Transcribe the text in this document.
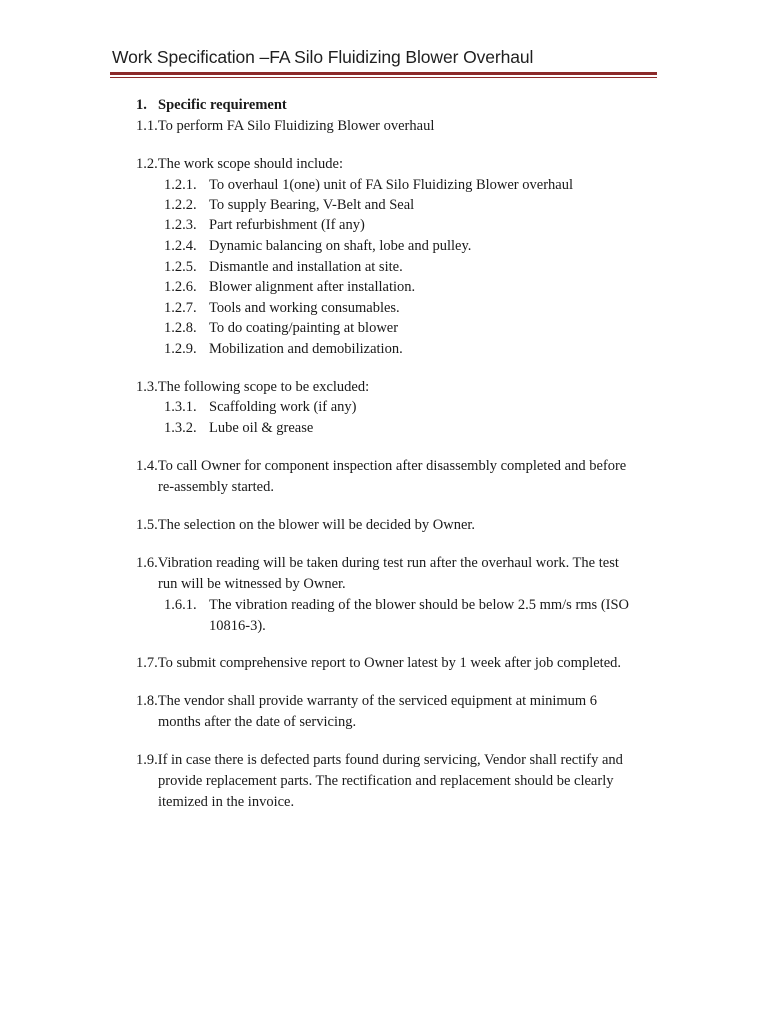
Work Specification –FA Silo Fluidizing Blower Overhaul
1. Specific requirement
1.1.To perform FA Silo Fluidizing Blower overhaul
1.2.The work scope should include:
1.2.1. To overhaul 1(one) unit of FA Silo Fluidizing Blower overhaul
1.2.2. To supply Bearing, V-Belt and Seal
1.2.3. Part refurbishment (If any)
1.2.4. Dynamic balancing on shaft, lobe and pulley.
1.2.5. Dismantle and installation at site.
1.2.6. Blower alignment after installation.
1.2.7. Tools and working consumables.
1.2.8. To do coating/painting at blower
1.2.9. Mobilization and demobilization.
1.3.The following scope to be excluded:
1.3.1. Scaffolding work (if any)
1.3.2. Lube oil & grease
1.4.To call Owner for component inspection after disassembly completed and before
re-assembly started.
1.5.The selection on the blower will be decided by Owner.
1.6.Vibration reading will be taken during test run after the overhaul work. The test
run will be witnessed by Owner.
1.6.1. The vibration reading of the blower should be below 2.5 mm/s rms (ISO
10816-3).
1.7.To submit comprehensive report to Owner latest by 1 week after job completed.
1.8.The vendor shall provide warranty of the serviced equipment at minimum 6
months after the date of servicing.
1.9.If in case there is defected parts found during servicing, Vendor shall rectify and
provide replacement parts. The rectification and replacement should be clearly
itemized in the invoice.
